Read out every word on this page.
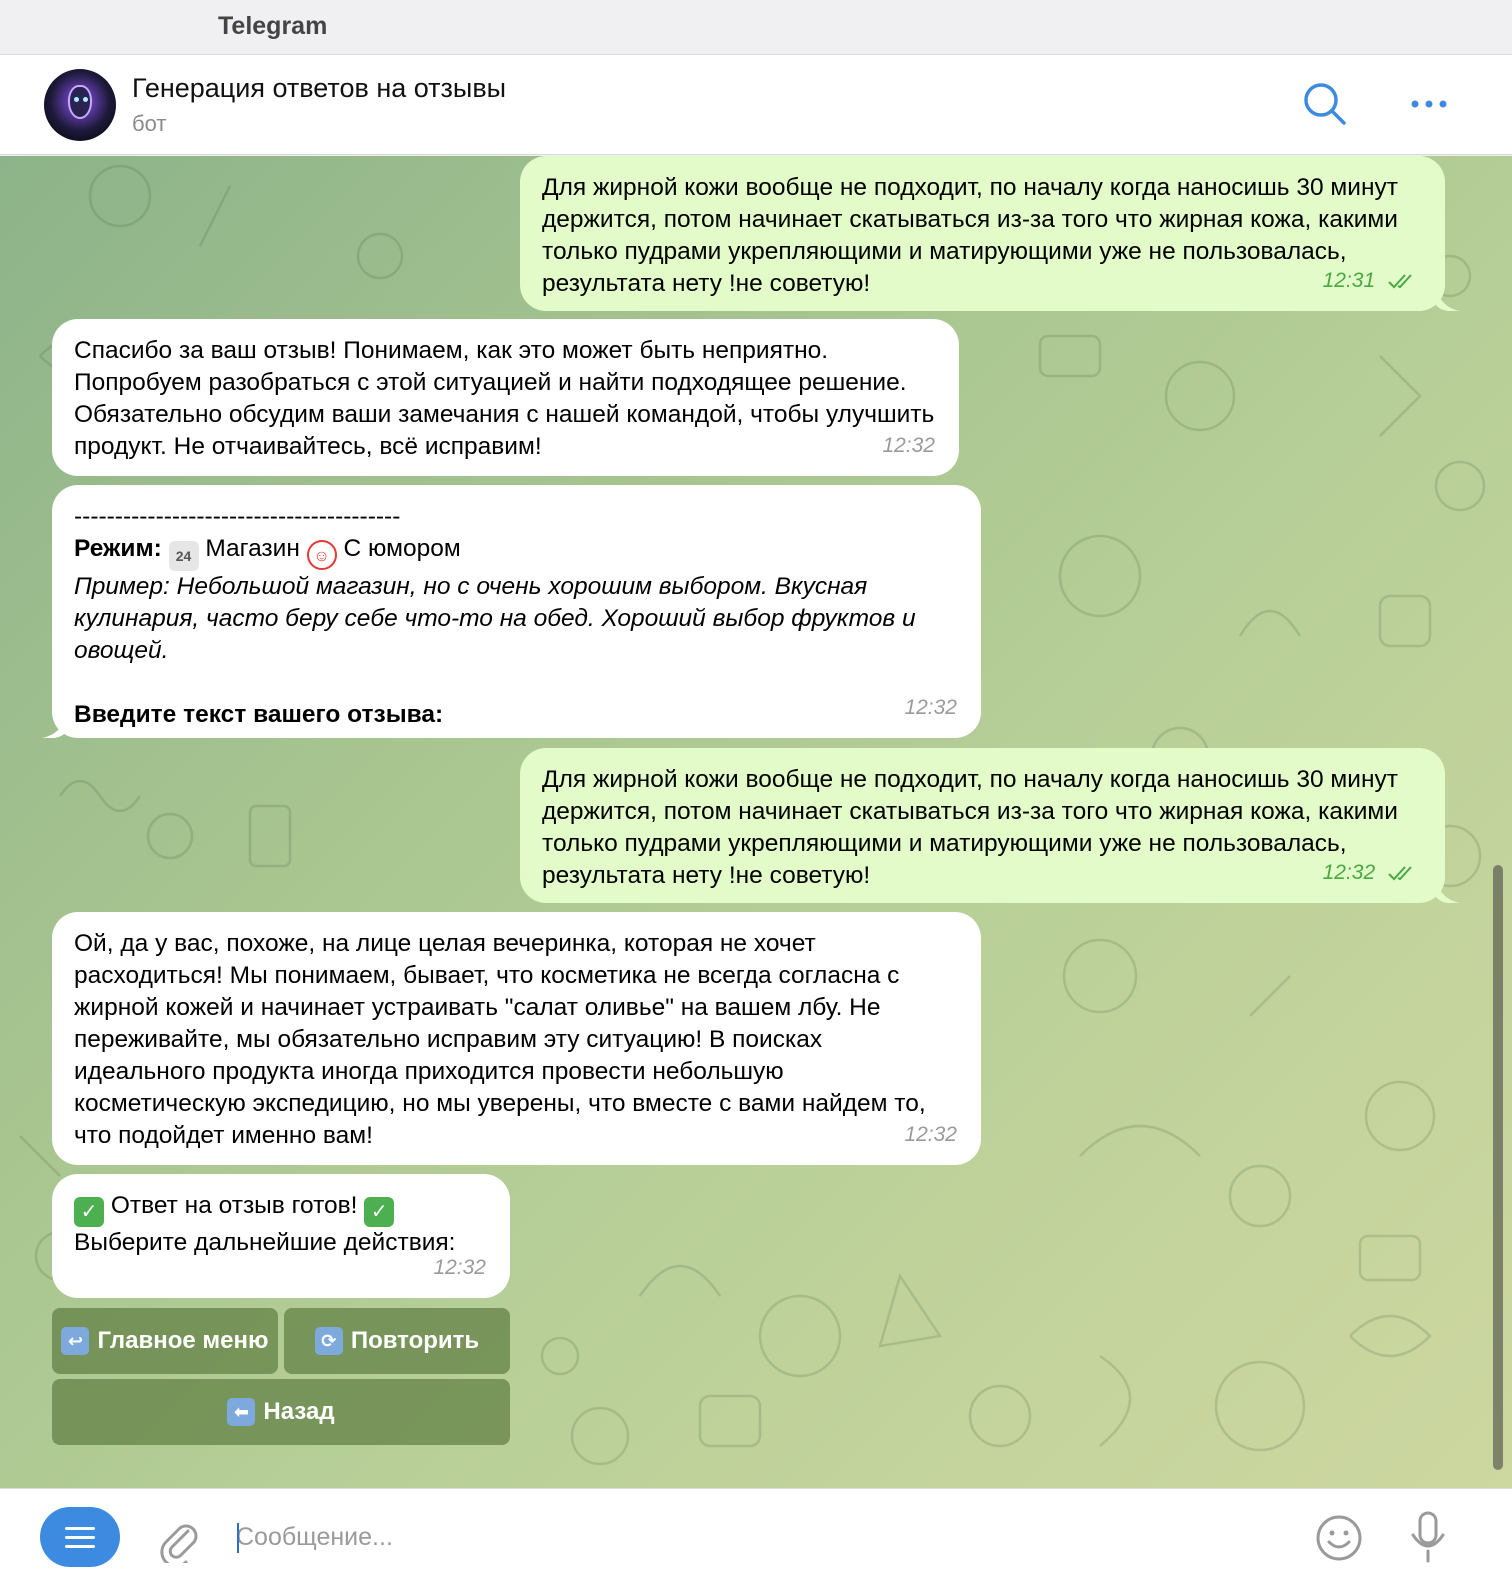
Telegram
Генерация ответов на отзывы
бот
Для жирной кожи вообще не подходит, по началу когда наносишь 30 минут держится, потом начинает скатываться из-за того что жирная кожа, какими только пудрами укрепляющими и матирующими уже не пользовалась, результата нету !не советую!	12:31
Спасибо за ваш отзыв! Понимаем, как это может быть неприятно. Попробуем разобраться с этой ситуацией и найти подходящее решение. Обязательно обсудим ваши замечания с нашей командой, чтобы улучшить продукт. Не отчаивайтесь, всё исправим!	12:32
----------------------------------------
Режим: 24 Магазин ☺ С юмором
Пример: Небольшой магазин, но с очень хорошим выбором. Вкусная кулинария, часто беру себе что-то на обед. Хороший выбор фруктов и овощей.
Введите текст вашего отзыва:	12:32
Для жирной кожи вообще не подходит, по началу когда наносишь 30 минут держится, потом начинает скатываться из-за того что жирная кожа, какими только пудрами укрепляющими и матирующими уже не пользовалась, результата нету !не советую!	12:32
Ой, да у вас, похоже, на лице целая вечеринка, которая не хочет расходиться! Мы понимаем, бывает, что косметика не всегда согласна с жирной кожей и начинает устраивать "салат оливье" на вашем лбу. Не переживайте, мы обязательно исправим эту ситуацию! В поисках идеального продукта иногда приходится провести небольшую косметическую экспедицию, но мы уверены, что вместе с вами найдем то, что подойдет именно вам!	12:32
✓ Ответ на отзыв готов! ✓
Выберите дальнейшие действия:
12:32
↩ Главное меню	⟳ Повторить
⬅ Назад
Сообщение...
